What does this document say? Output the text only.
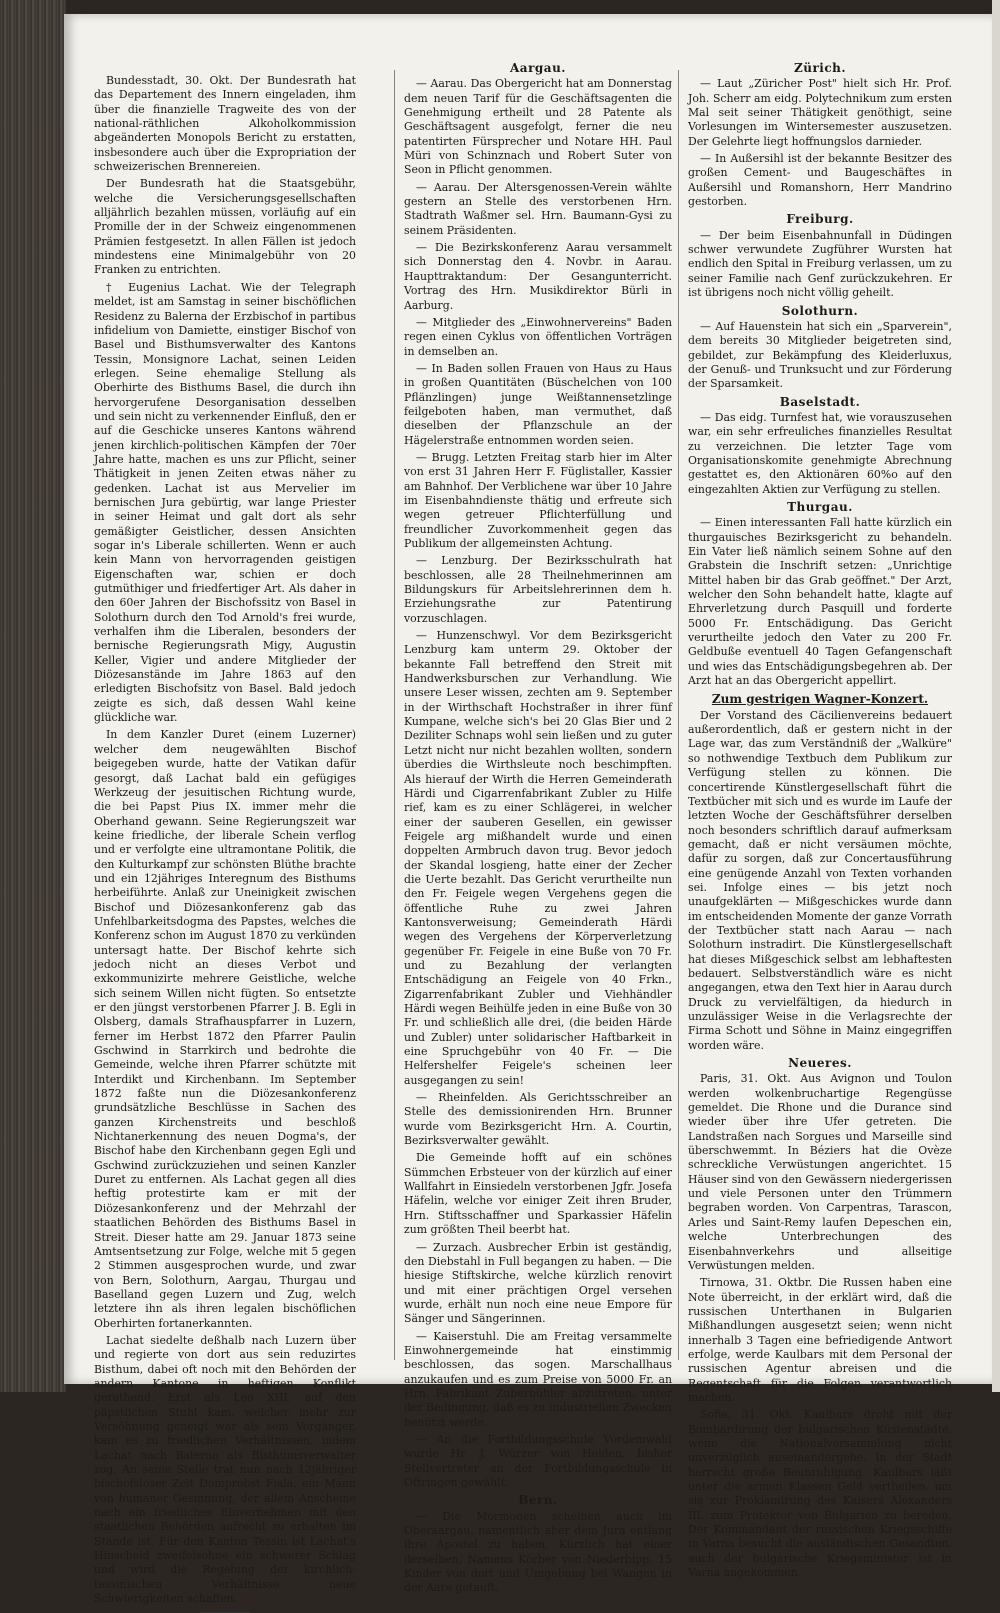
Bundesstadt, 30. Okt. Der Bundesrath hat das Departement des Innern eingeladen, ihm über die finanzielle Tragweite des von der national-räthlichen Alkoholkommission abgeänderten Monopols Bericht zu erstatten, insbesondere auch über die Expropriation der schweizerischen Brennereien.

Der Bundesrath hat die Staatsgebühr, welche die Versicherungsgesellschaften alljährlich bezahlen müssen, vorläufig auf ein Promille der in der Schweiz eingenommenen Prämien festgesetzt. In allen Fällen ist jedoch mindestens eine Minimalgebühr von 20 Franken zu entrichten.

† Eugenius Lachat. Wie der Telegraph meldet, ist am Samstag in seiner bischöflichen Residenz zu Balerna der Erzbischof in partibus infidelium von Damiette, einstiger Bischof von Basel und Bisthumsverwalter des Kantons Tessin, Monsignore Lachat, seinen Leiden erlegen. Seine ehemalige Stellung als Oberhirte des Bisthums Basel, die durch ihn hervorgerufene Desorganisation desselben und sein nicht zu verkennender Einfluß, den er auf die Geschicke unseres Kantons während jenen kirchlich-politischen Kämpfen der 70er Jahre hatte, machen es uns zur Pflicht, seiner Thätigkeit in jenen Zeiten etwas näher zu gedenken. Lachat ist aus Mervelier im bernischen Jura gebürtig, war lange Priester in seiner Heimat und galt dort als sehr gemäßigter Geistlicher, dessen Ansichten sogar in's Liberale schillerten. Wenn er auch kein Mann von hervorragenden geistigen Eigenschaften war, schien er doch gutmüthiger und friedfertiger Art. Als daher in den 60er Jahren der Bischofssitz von Basel in Solothurn durch den Tod Arnold's frei wurde, verhalfen ihm die Liberalen, besonders der bernische Regierungsrath Migy, Augustin Keller, Vigier und andere Mitglieder der Diözesanstände im Jahre 1863 auf den erledigten Bischofsitz von Basel. Bald jedoch zeigte es sich, daß dessen Wahl keine glückliche war.

In dem Kanzler Duret (einem Luzerner) welcher dem neugewählten Bischof beigegeben wurde, hatte der Vatikan dafür gesorgt, daß Lachat bald ein gefügiges Werkzeug der jesuitischen Richtung wurde, die bei Papst Pius IX. immer mehr die Oberhand gewann. Seine Regierungszeit war keine friedliche, der liberale Schein verflog und er verfolgte eine ultramontane Politik, die den Kulturkampf zur schönsten Blüthe brachte und ein 12jähriges Interegnum des Bisthums herbeiführte. Anlaß zur Uneinigkeit zwischen Bischof und Diözesankonferenz gab das Unfehlbarkeitsdogma des Papstes, welches die Konferenz schon im August 1870 zu verkünden untersagt hatte. Der Bischof kehrte sich jedoch nicht an dieses Verbot und exkommunizirte mehrere Geistliche, welche sich seinem Willen nicht fügten. So entsetzte er den jüngst verstorbenen Pfarrer J. B. Egli in Olsberg, damals Strafhauspfarrer in Luzern, ferner im Herbst 1872 den Pfarrer Paulin Gschwind in Starrkirch und bedrohte die Gemeinde, welche ihren Pfarrer schützte mit Interdikt und Kirchenbann. Im September 1872 faßte nun die Diözesankonferenz grundsätzliche Beschlüsse in Sachen des ganzen Kirchenstreits und beschloß Nichtanerkennung des neuen Dogma's, der Bischof habe den Kirchenbann gegen Egli und Gschwind zurückzuziehen und seinen Kanzler Duret zu entfernen. Als Lachat gegen all dies heftig protestirte kam er mit der Diözesankonferenz und der Mehrzahl der staatlichen Behörden des Bisthums Basel in Streit. Dieser hatte am 29. Januar 1873 seine Amtsentsetzung zur Folge, welche mit 5 gegen 2 Stimmen ausgesprochen wurde, und zwar von Bern, Solothurn, Aargau, Thurgau und Baselland gegen Luzern und Zug, welch letztere ihn als ihren legalen bischöflichen Oberhirten fortanerkannten.

Lachat siedelte deßhalb nach Luzern über und regierte von dort aus sein reduzirtes Bisthum, dabei oft noch mit den Behörden der andern Kantone in heftigen Konflikt gerathend. Erst als Leo XIII. auf den päpstlichen Stuhl kam, welcher mehr zur Versöhnung geneigt war als sein Vorgänger, kam es zu friedlichen Verhältnissen, indem Lachat nach Balerna als Bisthumsverwalter zog. An seine Stelle trat nun nach 12jähriger bischofsloser Zeit Domprobst Fiala, ein Mann von humaner Gesinnung, der allem Anscheine nach ein friedliches Einvernehmen mit den staatlichen Behörden aufrecht zu erhalten im Stande ist. Für den Kanton Tessin ist Lachat's Hinscheid zweifelsohne ein schwerer Schlag und wird die Regelung der kirchlich-tessinischen Verhältnisse neue Schwierigkeiten schaffen.

Aargau.

— Aarau. Das Obergericht hat am Donnerstag dem neuen Tarif für die Geschäftsagenten die Genehmigung ertheilt und 28 Patente als Geschäftsagent ausgefolgt, ferner die neu patentirten Fürsprecher und Notare HH. Paul Müri von Schinznach und Robert Suter von Seon in Pflicht genommen.

— Aarau. Der Altersgenossen-Verein wählte gestern an Stelle des verstorbenen Hrn. Stadtrath Waßmer sel. Hrn. Baumann-Gysi zu seinem Präsidenten.

— Die Bezirkskonferenz Aarau versammelt sich Donnerstag den 4. Novbr. in Aarau. Haupttraktandum: Der Gesangunterricht. Vortrag des Hrn. Musikdirektor Bürli in Aarburg.

— Mitglieder des „Einwohnervereins" Baden regen einen Cyklus von öffentlichen Vorträgen in demselben an.

— In Baden sollen Frauen von Haus zu Haus in großen Quantitäten (Büschelchen von 100 Pflänzlingen) junge Weißtannensetzlinge feilgeboten haben, man vermuthet, daß dieselben der Pflanzschule an der Hägelerstraße entnommen worden seien.

— Brugg. Letzten Freitag starb hier im Alter von erst 31 Jahren Herr F. Füglistaller, Kassier am Bahnhof. Der Verblichene war über 10 Jahre im Eisenbahndienste thätig und erfreute sich wegen getreuer Pflichterfüllung und freundlicher Zuvorkommenheit gegen das Publikum der allgemeinsten Achtung.

— Lenzburg. Der Bezirksschulrath hat beschlossen, alle 28 Theilnehmerinnen am Bildungskurs für Arbeitslehrerinnen dem h. Erziehungsrathe zur Patentirung vorzuschlagen.

— Hunzenschwyl. Vor dem Bezirksgericht Lenzburg kam unterm 29. Oktober der bekannte Fall betreffend den Streit mit Handwerksburschen zur Verhandlung. Wie unsere Leser wissen, zechten am 9. September in der Wirthschaft Hochstraßer in ihrer fünf Kumpane, welche sich's bei 20 Glas Bier und 2 Deziliter Schnaps wohl sein ließen und zu guter Letzt nicht nur nicht bezahlen wollten, sondern überdies die Wirthsleute noch beschimpften. Als hierauf der Wirth die Herren Gemeinderath Härdi und Cigarrenfabrikant Zubler zu Hilfe rief, kam es zu einer Schlägerei, in welcher einer der sauberen Gesellen, ein gewisser Feigele arg mißhandelt wurde und einen doppelten Armbruch davon trug. Bevor jedoch der Skandal losgieng, hatte einer der Zecher die Uerte bezahlt. Das Gericht verurtheilte nun den Fr. Feigele wegen Vergehens gegen die öffentliche Ruhe zu zwei Jahren Kantonsverweisung; Gemeinderath Härdi wegen des Vergehens der Körperverletzung gegenüber Fr. Feigele in eine Buße von 70 Fr. und zu Bezahlung der verlangten Entschädigung an Feigele von 40 Frkn., Zigarrenfabrikant Zubler und Viehhändler Härdi wegen Beihülfe jeden in eine Buße von 30 Fr. und schließlich alle drei, (die beiden Härde und Zubler) unter solidarischer Haftbarkeit in eine Spruchgebühr von 40 Fr. — Die Helfershelfer Feigele's scheinen leer ausgegangen zu sein!

— Rheinfelden. Als Gerichtsschreiber an Stelle des demissionirenden Hrn. Brunner wurde vom Bezirksgericht Hrn. A. Courtin, Bezirksverwalter gewählt.

Die Gemeinde hofft auf ein schönes Sümmchen Erbsteuer von der kürzlich auf einer Wallfahrt in Einsiedeln verstorbenen Jgfr. Josefa Häfelin, welche vor einiger Zeit ihren Bruder, Hrn. Stiftsschaffner und Sparkassier Häfelin zum größten Theil beerbt hat.

— Zurzach. Ausbrecher Erbin ist geständig, den Diebstahl in Full begangen zu haben. — Die hiesige Stiftskirche, welche kürzlich renovirt und mit einer prächtigen Orgel versehen wurde, erhält nun noch eine neue Empore für Sänger und Sängerinnen.

— Kaiserstuhl. Die am Freitag versammelte Einwohnergemeinde hat einstimmig beschlossen, das sogen. Marschallhaus anzukaufen und es zum Preise von 5000 Fr. an Hrn. Fabrikant Zuberbühler abzutreten, unter der Bedingung, daß es zu industriellen Zwecken benützt werde.

— An die Fortbildungsschule Vordemwald wurde Hr. J. Würzer von Heiden, bisher Stellvertreter an der Fortbildungsschule in Oftringen gewählt.

Bern.

— Die Mormonen scheinen auch im Oberaargau, namentlich aber dem Jura entlang ihre Apostel zu haben. Kürzlich hat einer derselben, Namens Körber von Niederbipp, 15 Kinder von dort und Umgebung bei Wangen in der Aare getauft.

Zürich.

— Laut „Züricher Post" hielt sich Hr. Prof. Joh. Scherr am eidg. Polytechnikum zum ersten Mal seit seiner Thätigkeit genöthigt, seine Vorlesungen im Wintersemester auszusetzen. Der Gelehrte liegt hoffnungslos darnieder.

— In Außersihl ist der bekannte Besitzer des großen Cement- und Baugeschäftes in Außersihl und Romanshorn, Herr Mandrino gestorben.

Freiburg.

— Der beim Eisenbahnunfall in Düdingen schwer verwundete Zugführer Wursten hat endlich den Spital in Freiburg verlassen, um zu seiner Familie nach Genf zurückzukehren. Er ist übrigens noch nicht völlig geheilt.

Solothurn.

— Auf Hauenstein hat sich ein „Sparverein", dem bereits 30 Mitglieder beigetreten sind, gebildet, zur Bekämpfung des Kleiderluxus, der Genuß- und Trunksucht und zur Förderung der Sparsamkeit.

Baselstadt.

— Das eidg. Turnfest hat, wie vorauszusehen war, ein sehr erfreuliches finanzielles Resultat zu verzeichnen. Die letzter Tage vom Organisationskomite genehmigte Abrechnung gestattet es, den Aktionären 60%o auf den eingezahlten Aktien zur Verfügung zu stellen.

Thurgau.

— Einen interessanten Fall hatte kürzlich ein thurgauisches Bezirksgericht zu behandeln. Ein Vater ließ nämlich seinem Sohne auf den Grabstein die Inschrift setzen: „Unrichtige Mittel haben bir das Grab geöffnet." Der Arzt, welcher den Sohn behandelt hatte, klagte auf Ehrverletzung durch Pasquill und forderte 5000 Fr. Entschädigung. Das Gericht verurtheilte jedoch den Vater zu 200 Fr. Geldbuße eventuell 40 Tagen Gefangenschaft und wies das Entschädigungsbegehren ab. Der Arzt hat an das Obergericht appellirt.

Zum gestrigen Wagner-Konzert.

Der Vorstand des Cäcilienvereins bedauert außerordentlich, daß er gestern nicht in der Lage war, das zum Verständniß der „Walküre" so nothwendige Textbuch dem Publikum zur Verfügung stellen zu können. Die concertirende Künstlergesellschaft führt die Textbücher mit sich und es wurde im Laufe der letzten Woche der Geschäftsführer derselben noch besonders schriftlich darauf aufmerksam gemacht, daß er nicht versäumen möchte, dafür zu sorgen, daß zur Concertausführung eine genügende Anzahl von Texten vorhanden sei. Infolge eines — bis jetzt noch unaufgeklärten — Mißgeschickes wurde dann im entscheidenden Momente der ganze Vorrath der Textbücher statt nach Aarau — nach Solothurn instradirt. Die Künstlergesellschaft hat dieses Mißgeschick selbst am lebhaftesten bedauert. Selbstverständlich wäre es nicht angegangen, etwa den Text hier in Aarau durch Druck zu vervielfältigen, da hiedurch in unzulässiger Weise in die Verlagsrechte der Firma Schott und Söhne in Mainz eingegriffen worden wäre.

Neueres.

Paris, 31. Okt. Aus Avignon und Toulon werden wolkenbruchartige Regengüsse gemeldet. Die Rhone und die Durance sind wieder über ihre Ufer getreten. Die Landstraßen nach Sorgues und Marseille sind überschwemmt. In Béziers hat die Ovèze schreckliche Verwüstungen angerichtet. 15 Häuser sind von den Gewässern niedergerissen und viele Personen unter den Trümmern begraben worden. Von Carpentras, Tarascon, Arles und Saint-Remy laufen Depeschen ein, welche Unterbrechungen des Eisenbahnverkehrs und allseitige Verwüstungen melden.

Tirnowa, 31. Oktbr. Die Russen haben eine Note überreicht, in der erklärt wird, daß die russischen Unterthanen in Bulgarien Mißhandlungen ausgesetzt seien; wenn nicht innerhalb 3 Tagen eine befriedigende Antwort erfolge, werde Kaulbars mit dem Personal der russischen Agentur abreisen und die Regentschaft für die Folgen verantwortlich machen.

Sofia, 31. Okt. Kaulbars droht mit der Bombardirung der bulgarischen Küstenstädte, wenn die Nationalversammlung nicht unverzüglich auseinandergehe. In der Stadt herrscht große Beunruhigung. Kaulbars läßt unter die armen Klassen Geld vertheilen, um sie zur Proklamirung des Kaisers Alexanders III. zum Protektor von Bulgarien zu bereden. Der Kommandant der russischen Kriegsschiffe in Varna besucht die ausländischen Gesandten, auch der bulgarische Kriegsminister ist in Varna angekommen.
